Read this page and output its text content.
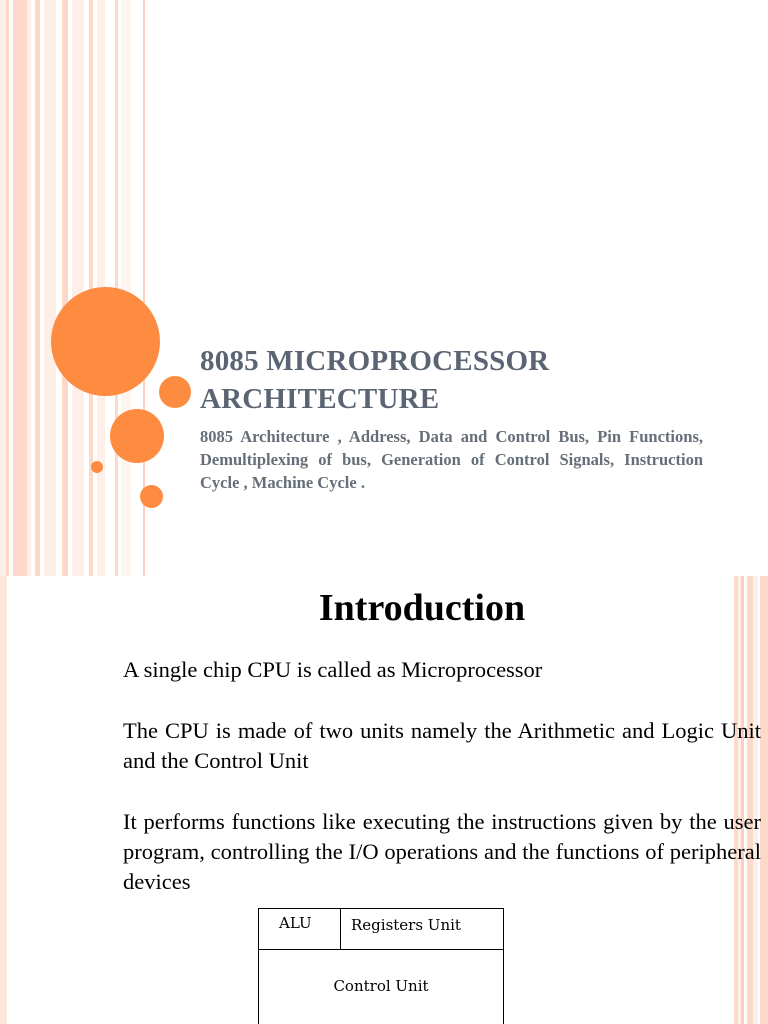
8085 MICROPROCESSOR
ARCHITECTURE

8085 Architecture , Address, Data and Control Bus, Pin Functions, Demultiplexing of bus, Generation of Control Signals, Instruction Cycle , Machine Cycle .

Introduction

A single chip CPU is called as Microprocessor

The CPU is made of two units namely the Arithmetic and Logic Unit and the Control Unit

It performs functions like executing the instructions given by the user program, controlling the I/O operations and the functions of peripheral devices

ALU	Registers Unit
Control Unit
